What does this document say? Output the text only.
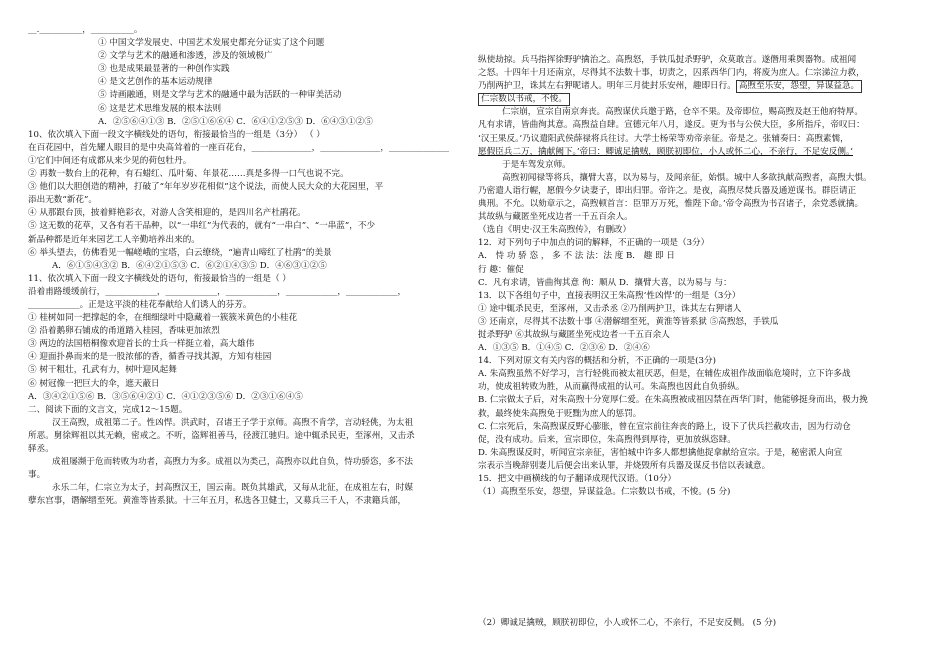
__.__________，__________。
① 中国文学发展史、中国艺术发展史都充分证实了这个问题
② 文学与艺术的融通和渗透，涉及的领域极广
③ 也是成果最显著的一种创作实践
④ 是文艺创作的基本运动规律
⑤ 诗画融通，则是文学与艺术的融通中最为活跃的一种审美活动
⑥ 这是艺术思维发展的根本法则
A．②⑤⑥④①③ B．②⑤①⑥⑥④ C．⑥④①②⑤③ D．⑥④③①②⑤
10、依次填入下面一段文字横线处的语句，衔接最恰当的一组是（3分） （ ）
在百花园中，首先耀人眼目的是中央高耸着的一座百花台，______________，______________，______________
①它们中间还有成都从来少见的荷包牡丹。
② 再数一数台上的花种，有石蜡红、瓜叶菊、年景花……真是多得一口气也说不完。
③ 他们以大胆创造的精神，打破了“年年岁岁花相似”这个说法，而使人民大众的大花园里，平
添出无数“新花”。
④ 从那跟台顶，披着鲜艳彩衣，对游人含笑相迎的，是四川名产杜鹃花。
⑤ 这无数的花草，又各有若干品种，以“一串红”为代表的，就有“一串白”、“一串蓝”，不少
新品种都是近年来园艺工人辛勤培养出来的。
⑥ 举头望去，仿佛看见一幅嵯峨的宝塔，白云缭绕，“遍青山啼红了杜鹃”的美景
A．⑥①⑤④③② B．⑥④②①⑤③ C．⑥②①④③⑤ D．④⑥③①②⑤
11、依次填入下面一段文字横线处的语句，衔接最恰当的一组是（ ）
沿着甫路缓缓前行，____________，____________，____________，____________，____________，
____________。正是这平淡的桂花奉献给人们诱人的芬芳。
① 桂树如同一把撑起的伞，在细细绿叶中隐藏着一簇簇米黄色的小桂花
② 沿着鹅卵石铺成的甬道踏入桂园，香味更加浓烈
③ 两边的法国梧桐像欢迎首长的士兵一样挺立着，高大雄伟
④ 迎面扑鼻而来的是一股浓郁的香，循香寻找其源，方知有桂园
⑤ 树干粗壮，孔武有力，树叶迎风起舞
⑥ 树冠像一把巨大的伞，遮天蔽日
A．③④②①⑤⑥ B．③⑤⑥④②① C．④①②③⑤⑥ D．②③①⑥④⑤
二、阅读下面的文言文，完成12～15题。
汉王高煦，成祖第二子。性凶悍。洪武时，召诸王子学于京师。高煦不肯学，言动轻佻，为太祖
所恶。舅徐辉祖以其无赖，密戒之。不听，盗辉祖善马，径渡江驰归。途中辄杀民吏，至涿州，又击杀
驿丞。
成祖屡濒于危而转败为功者，高煦力为多。成祖以为类己，高煦亦以此自负，恃功骄恣，多不法
事。
永乐二年，仁宗立为太子，封高煦汉王，国云南。既负其雄武，又每从北征，在成祖左右，时媒
孽东宫事，谮解缙至死。黄淮等皆系狱。十三年五月，私选各卫健士，又募兵三千人，不隶籍兵部，
纵使劫掠。兵马指挥徐野驴擒治之。高煦怒，手铁瓜挝杀野驴，众莫敢言。遂僭用乘舆器物。成祖闻
之怒。十四年十月还南京，尽得其不法数十事，切责之，囚系西华门内，将废为庶人。仁宗涕泣力救，
乃削两护卫，诛其左右狎昵诸人。明年三月徙封乐安州，趣即日行。 高煦至乐安，怨望，异谋益急。
仁宗数以书戒，不悛。
仁宗崩，宣宗自南京奔丧。高煦谋伏兵邀于路，仓卒不果。及帝即位，赐高煦及赵王他府特厚。
凡有求请，皆曲徇其意。高煦益自肆。宣德元年八月，遂反。更为书与公侯大臣，多所指斥，帝叹曰：
‘汉王果反。’乃议遣阳武侯薛禄将兵往讨。大学士杨荣等劝帝亲征。帝是之。张辅奏曰：高煦素懦，
愿假臣兵二万，擒献阙下。’帝曰：卿诚足擒贼，顾朕初即位，小人或怀二心，不亲行，不足安反侧。’
于是车驾发京师。
高煦初闻禄等将兵，攘臂大喜，以为易与，及闻亲征，始惧。城中人多欲执献高煦者，高煦大惧。
乃密遣人诣行幄，愿假今夕诀妻子，即出归罪。帝许之。是夜，高煦尽焚兵器及通逆谋书。群臣请正
典刑。不允。以劾章示之，高煦顿首言：臣罪万万死，惟陛下命。’帝令高煦为书召诸子，余党悉就擒。
其故纵与藏匿坐死戍边者一千五百余人。
（选自《明史·汉王朱高煦传》，有删改）
12．对下列句子中加点的词的解释，不正确的一项是（3分）
A． 恃 功 骄 恣 ， 多 不 法 法：法 度 B． 趣 即 日
行 趣：催促
C．凡有求请，皆曲徇其意 徇：顺从 D．攘臂大喜，以为易与 与：
13．以下各组句子中，直接表明汉王朱高煦‘性凶悍’的一组是（3分）
① 途中辄杀民吏，至涿州，又击杀丞 ②乃削两护卫，诛其左右狎诸人
③ 还南京，尽得其不法数十事 ④潜解缙至死，黄淮等皆系狱 ⑤高煦怒，手铁瓜
挝杀野驴 ⑥其故纵与藏匿坐死戍边者一千五百余人
A．①③⑤ B．①④⑤ C．②③⑥ D．②④⑥
14．下列对原文有关内容的概括和分析，不正确的一项是(3分)
A. 朱高煦虽然不好学习，言行轻佻而被太祖厌恶，但是，在辅佐成祖作战面临危境时，立下许多战
功，使成祖转败为胜，从而赢得成祖的认可。朱高煦也因此自负骄纵。
B. 仁宗做太子后，对朱高煦十分宽厚仁爱。在朱高煦被成祖囚禁在西华门时，他能够挺身而出，极力挽
救，最终使朱高煦免于贬黜为庶人的惩罚。
C. 仁宗死后，朱高煦谋反野心膨胀，曾在宣宗前往奔丧的路上，设下了伏兵拦截攻击，因为行动仓
促，没有成功。后来，宣宗即位，朱高煦得到厚待，更加放纵恣肆。
D. 朱高煦谋反时，听闻宣宗亲征，害怕城中许多人都想擒他捉拿献给宣宗。于是，秘密派人向宣
宗表示当晚辞别妻儿后便会出来认罪，并烧毁所有兵器及谋反书信以表诚意。
15．把文中画横线的句子翻译成现代汉语。（10分）
（1）高煦至乐安，怨望，异谋益急。仁宗数以书戒，不悛。(5 分)
（2）卿诚足擒贼，顾朕初即位，小人或怀二心，不亲行，不足安反侧。 (5 分)
